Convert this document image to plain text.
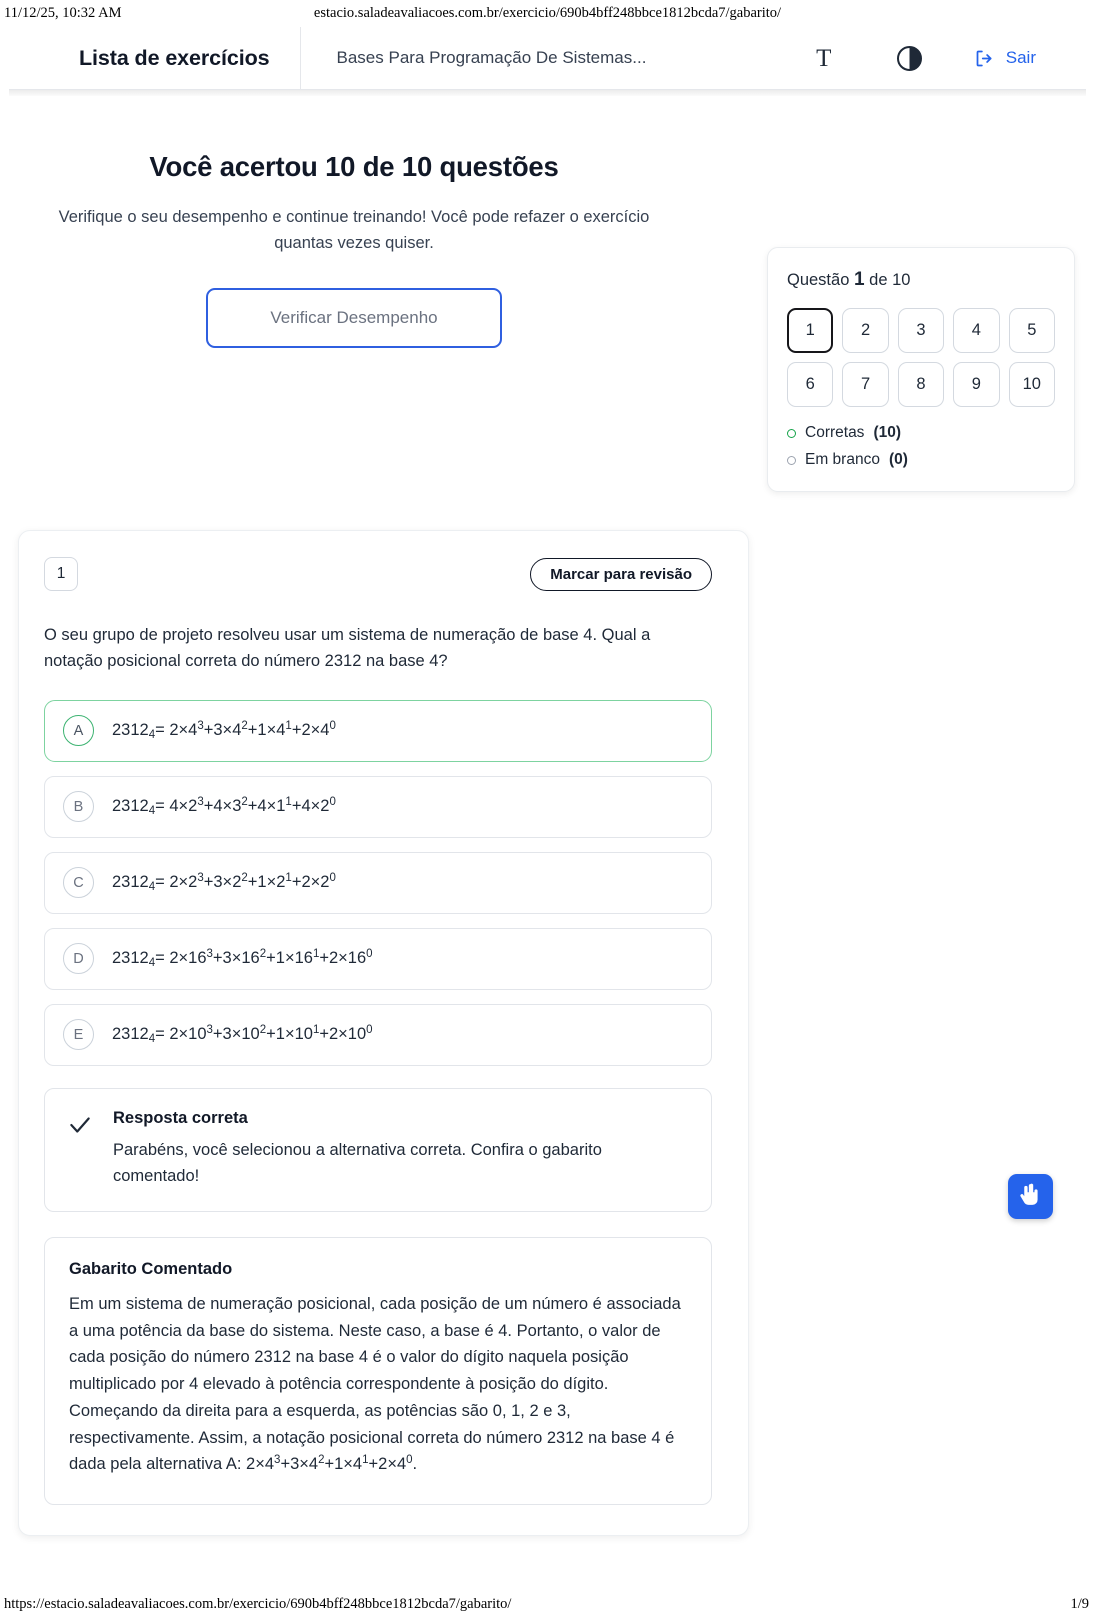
11/12/25, 10:32 AM	estacio.saladeavaliacoes.com.br/exercicio/690b4bff248bbce1812bcda7/gabarito/
Lista de exercícios	Bases Para Programação De Sistemas...	T	Sair
Você acertou 10 de 10 questões
Verifique o seu desempenho e continue treinando! Você pode refazer o exercício quantas vezes quiser.
Verificar Desempenho
Questão 1 de 10
1	2	3	4	5
6	7	8	9	10
Corretas (10)
Em branco (0)
1	Marcar para revisão
O seu grupo de projeto resolveu usar um sistema de numeração de base 4. Qual a notação posicional correta do número 2312 na base 4?
A	$2312_4= 2\times 4^3+3\times 4^2+1\times 4^1+2\times 4^0$
B	$2312_4= 4\times 2^3+4\times 3^2+4\times 1^1+4\times 2^0$
C	$2312_4= 2\times 2^3+3\times 2^2+1\times 2^1+2\times 2^0$
D	$2312_4= 2\times 16^3+3\times 16^2+1\times 16^1+2\times 16^0$
E	$2312_4= 2\times 10^3+3\times 10^2+1\times 10^1+2\times 10^0$
Resposta correta
Parabéns, você selecionou a alternativa correta. Confira o gabarito comentado!
Gabarito Comentado
Em um sistema de numeração posicional, cada posição de um número é associada a uma potência da base do sistema. Neste caso, a base é 4. Portanto, o valor de cada posição do número 2312 na base 4 é o valor do dígito naquela posição multiplicado por 4 elevado à potência correspondente à posição do dígito. Começando da direita para a esquerda, as potências são 0, 1, 2 e 3, respectivamente. Assim, a notação posicional correta do número 2312 na base 4 é dada pela alternativa A: $2\times 4^3+3\times 4^2+1\times 4^1+2\times 4^0$.
https://estacio.saladeavaliacoes.com.br/exercicio/690b4bff248bbce1812bcda7/gabarito/	1/9
